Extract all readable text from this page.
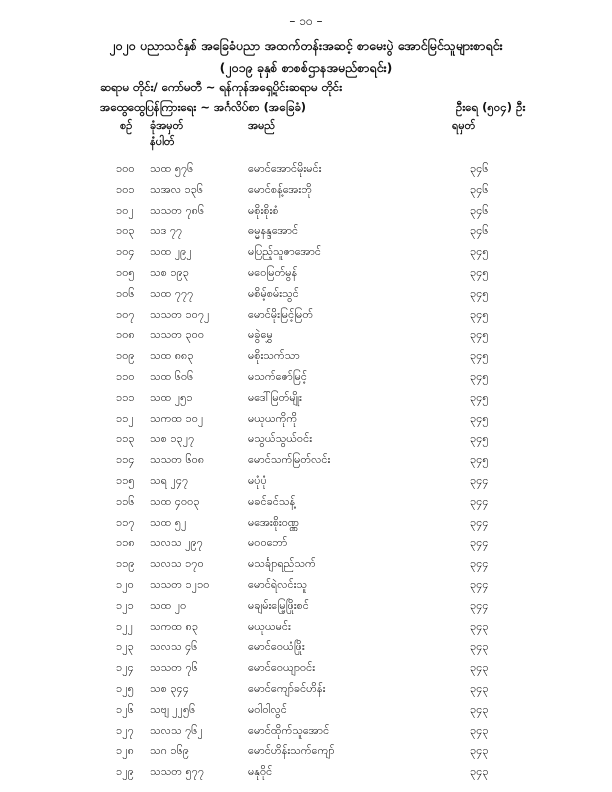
– ၁၀ –
၂၀၂၀ ပညာသင်နှစ် အခြေခံပညာ အထက်တန်းအဆင့် စာမေးပွဲ အောင်မြင်သူများစာရင်း
(၂၀၁၉ ခုနှစ် စာစစ်ဌာနအမည်စာရင်း)
ဆရာမ တိုင်း/ ကော်မတီ ~ ရန်ကုန်အရှေ့ပိုင်းဆရာမ တိုင်း
အထွေထွေပြန်ကြားရေး ~ အင်္ဂလိပ်စာ (အခြေခံ)	ဦးရေ (၅၀၄) ဦး
စဉ် ခုံအမှတ်
နံပါတ်
အမည်	ရမှတ်
၁၀၀ သထ ၅၇၆	မောင်အောင်မိုးမင်း	၃၄၆
၁၀၁ သအလ ၁၃၆	မောင်စန့်အေးဘို	၃၄၆
၁၀၂ သသတ ၇၈၆	မစိုးစိုးစံ	၃၄၆
၁၀၃ သဒ ၇၇	ဓမ္မနန္ဒအောင်	၃၄၆
၁၀၄ သထ ၂၉၂	မပြည့်သူဇာအောင်	၃၄၅
၁၀၅ သစ ၁၉၃	မဝေမြတ်မွန်	၃၄၅
၁၀၆ သထ ၇၇၇	မစိမ့်စမ်းသွင်	၃၄၅
၁၀၇ သသတ ၁၀၇၂	မောင်မိုးမြင့်မြတ်	၃၄၅
၁၀၈ သသတ ၃၀၀	မခွဲမွှေ	၃၄၅
၁၀၉ သထ ၈၈၃	မစိုးသက်သာ	၃၄၅
၁၁၀ သထ ၆၀၆	မသက်ဇော်မြင့်	၃၄၅
၁၁၁ သထ ၂၅၁	မဒေါ်မြတ်မျိုး	၃၄၅
၁၁၂ သကထ ၁၀၂	မယုယကိုကို	၃၄၅
၁၁၃ သစ ၁၃၂၇	မသွယ်သွယ်ဝင်း	၃၄၅
၁၁၄ သသတ ၆၀၈	မောင်သက်မြတ်လင်း	၃၄၅
၁၁၅ သရ ၂၄၇	မပုံပုံ	၃၄၄
၁၁၆ သထ ၄၀၀၃	မခင်ခင်သန့်	၃၄၄
၁၁၇ သထ ၅၂	မအေးစိုးဝဏ္ဏ	၃၄၄
၁၁၈ သလသ ၂၉၇	မဝဝဘော်	၃၄၄
၁၁၉ သလသ ၁၇၀	မသင်္ချာရည်သက်	၃၄၄
၁၂၀ သသတ ၁၂၁၀	မောင်ရဲလင်းသူ	၃၄၄
၁၂၁ သထ ၂၀	မချမ်းမြေ့ဖြိုးစင်	၃၄၄
၁၂၂ သကထ ၈၃	မယုယမင်း	၃၄၃
၁၂၃ သလသ ၄၆	မောင်ဝေယံဖြိုး	၃၄၃
၁၂၄ သသတ ၇၆	မောင်ဝေယျာဝင်း	၃၄၃
၁၂၅ သစ ၃၄၄	မောင်ကျော်ခင်ဟိန်း	၃၄၃
၁၂၆ သဗျ ၂၂၅၆	မဝါဝါလွင်	၃၄၃
၁၂၇ သလသ ၇၆၂	မောင်ထိုက်သူအောင်	၃၄၃
၁၂၈ သဂ ၁၆၉	မောင်ဟိန်းသက်ကျော်	၃၄၃
၁၂၉ သသတ ၅၇၇	မနုဝိုင်	၃၄၃
